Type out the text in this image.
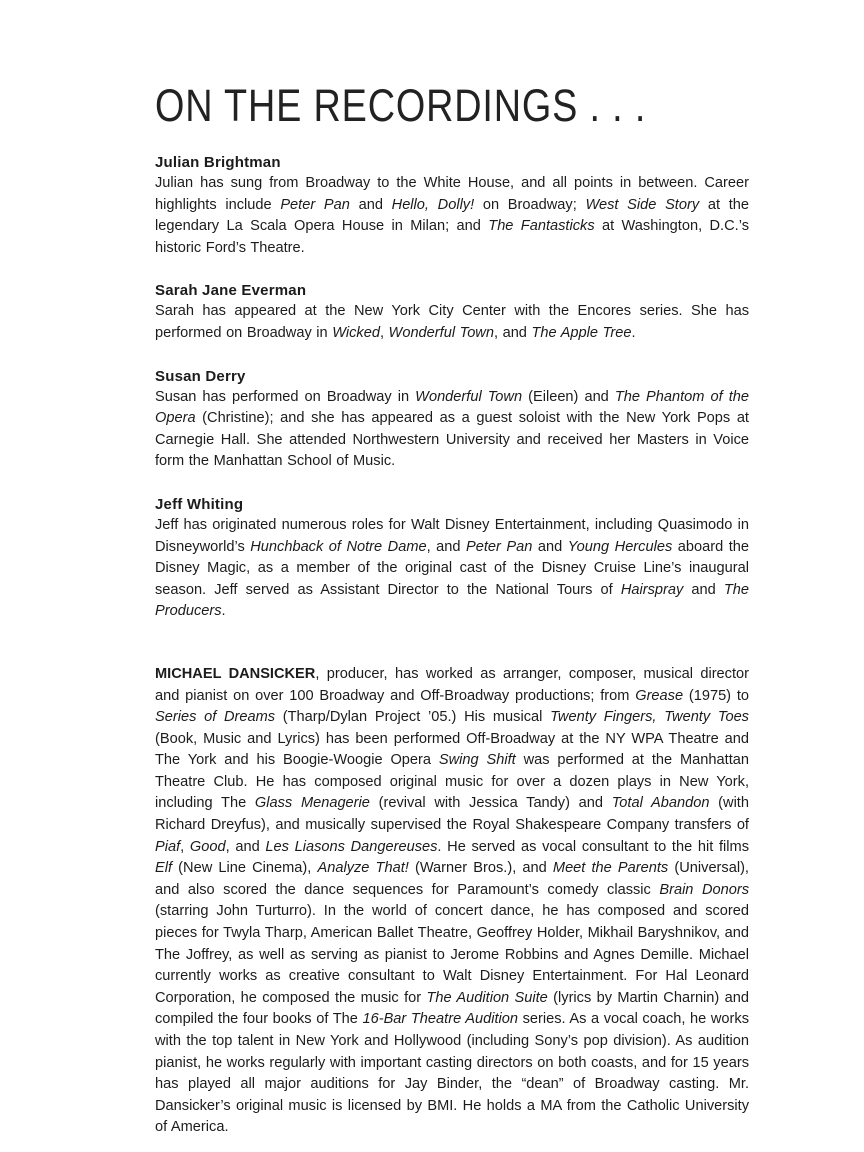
ON THE RECORDINGS . . .
Julian Brightman

Julian has sung from Broadway to the White House, and all points in between. Career highlights include Peter Pan and Hello, Dolly! on Broadway; West Side Story at the legendary La Scala Opera House in Milan; and The Fantasticks at Washington, D.C.’s historic Ford’s Theatre.

Sarah Jane Everman

Sarah has appeared at the New York City Center with the Encores series. She has performed on Broadway in Wicked, Wonderful Town, and The Apple Tree.

Susan Derry

Susan has performed on Broadway in Wonderful Town (Eileen) and The Phantom of the Opera (Christine); and she has appeared as a guest soloist with the New York Pops at Carnegie Hall. She attended Northwestern University and received her Masters in Voice form the Manhattan School of Music.

Jeff Whiting

Jeff has originated numerous roles for Walt Disney Entertainment, including Quasimodo in Disneyworld’s Hunchback of Notre Dame, and Peter Pan and Young Hercules aboard the Disney Magic, as a member of the original cast of the Disney Cruise Line’s inaugural season. Jeff served as Assistant Director to the National Tours of Hairspray and The Producers.

MICHAEL DANSICKER, producer, has worked as arranger, composer, musical director and pianist on over 100 Broadway and Off-Broadway productions; from Grease (1975) to Series of Dreams (Tharp/Dylan Project ’05.) His musical Twenty Fingers, Twenty Toes (Book, Music and Lyrics) has been performed Off-Broadway at the NY WPA Theatre and The York and his Boogie-Woogie Opera Swing Shift was performed at the Manhattan Theatre Club. He has composed original music for over a dozen plays in New York, including The Glass Menagerie (revival with Jessica Tandy) and Total Abandon (with Richard Dreyfus), and musically supervised the Royal Shakespeare Company transfers of Piaf, Good, and Les Liasons Dangereuses. He served as vocal consultant to the hit films Elf (New Line Cinema), Analyze That! (Warner Bros.), and Meet the Parents (Universal), and also scored the dance sequences for Paramount’s comedy classic Brain Donors (starring John Turturro). In the world of concert dance, he has composed and scored pieces for Twyla Tharp, American Ballet Theatre, Geoffrey Holder, Mikhail Baryshnikov, and The Joffrey, as well as serving as pianist to Jerome Robbins and Agnes Demille. Michael currently works as creative consultant to Walt Disney Entertainment. For Hal Leonard Corporation, he composed the music for The Audition Suite (lyrics by Martin Charnin) and compiled the four books of The 16-Bar Theatre Audition series. As a vocal coach, he works with the top talent in New York and Hollywood (including Sony’s pop division). As audition pianist, he works regularly with important casting directors on both coasts, and for 15 years has played all major auditions for Jay Binder, the “dean” of Broadway casting. Mr. Dansicker’s original music is licensed by BMI. He holds a MA from the Catholic University of America.
